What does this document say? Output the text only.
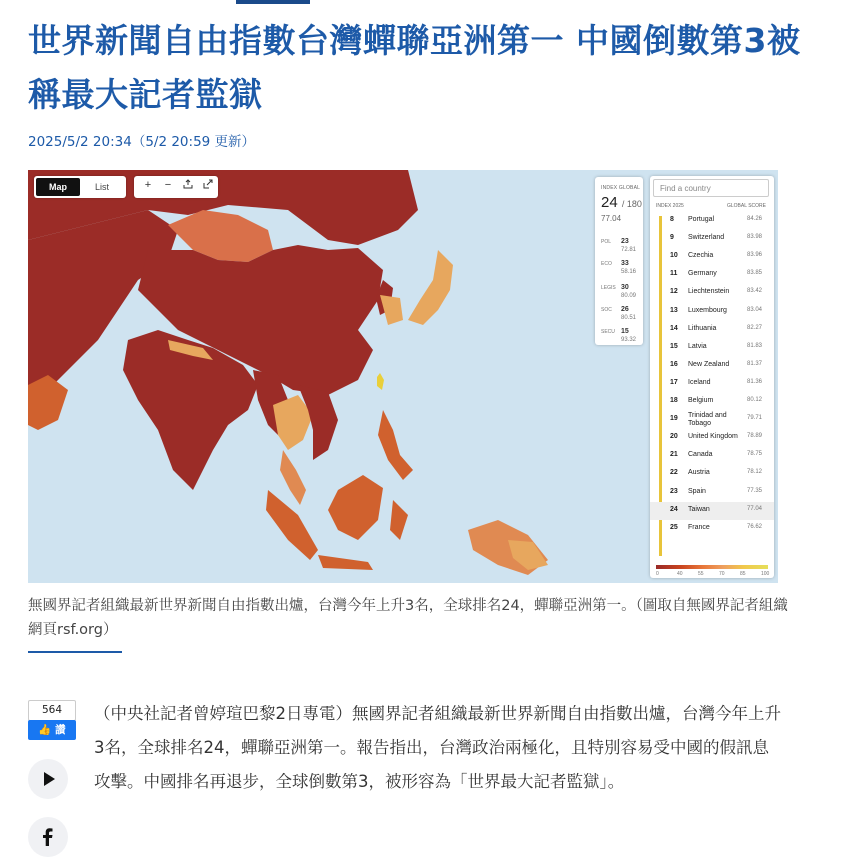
世界新聞自由指數台灣蟬聯亞洲第一 中國倒數第3被稱最大記者監獄
2025/5/2 20:34（5/2 20:59 更新）
Map	List	+	−	INDEX GLOBAL
24 / 180
77.04
POL 23
72.81
ECO 33
58.16
LEGIS 30
80.09
SOC 26
80.51
SECU 15
93.32
Find a country
INDEX 2025	GLOBAL SCORE
8	Portugal	84.26
9	Switzerland	83.98
10	Czechia	83.96
11	Germany	83.85
12	Liechtenstein	83.42
13	Luxembourg	83.04
14	Lithuania	82.27
15	Latvia	81.83
16	New Zealand	81.37
17	Iceland	81.36
18	Belgium	80.12
19	Trinidad and Tobago
79.71
20	United Kingdom 78.89
21	Canada	78.75
22	Austria	78.12
23	Spain	77.35
24	Taiwan	77.04
25	France	76.62
0	40	55	70	85	100
無國界記者組織最新世界新聞自由指數出爐，台灣今年上升3名，全球排名24，蟬聯亞洲第一。（圖取自無國界記者組織網頁rsf.org）
564
👍 讚
（中央社記者曾婷瑄巴黎2日專電）無國界記者組織最新世界新聞自由指數出爐，台灣今年上升3名，全球排名24，蟬聯亞洲第一。報告指出，台灣政治兩極化，且特別容易受中國的假訊息攻擊。中國排名再退步，全球倒數第3，被形容為「世界最大記者監獄」。
